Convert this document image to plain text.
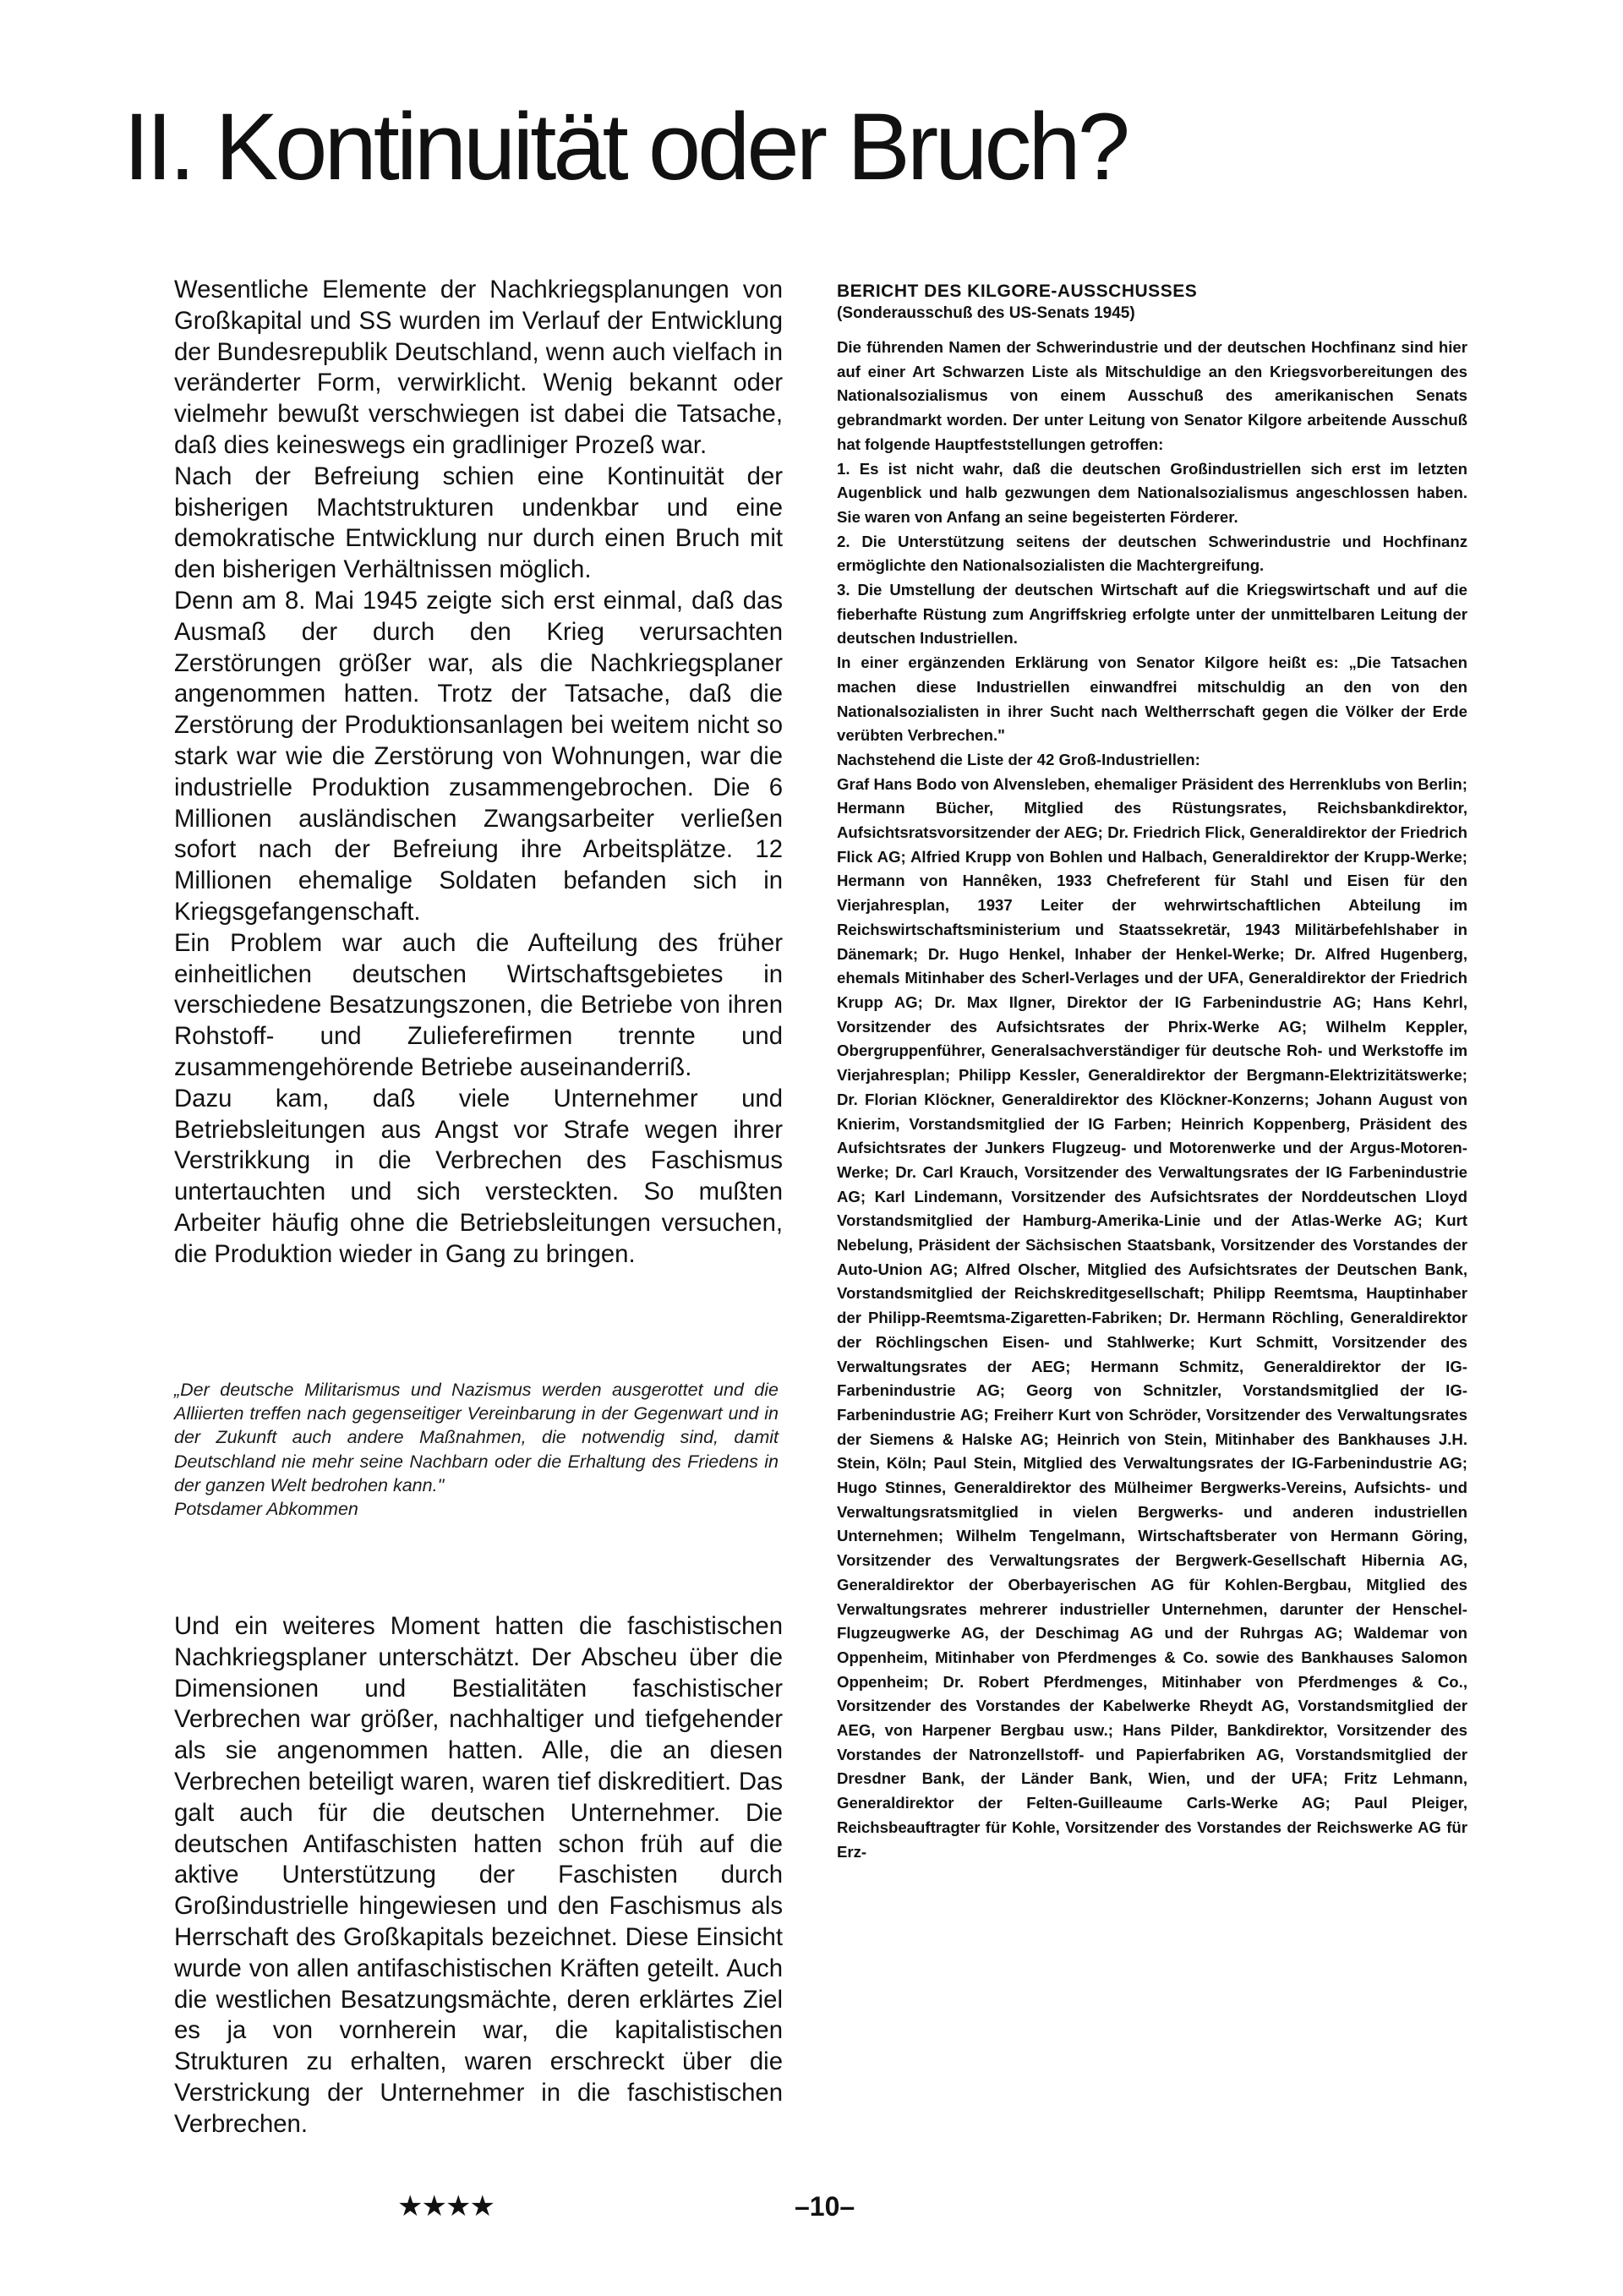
II. Kontinuität oder Bruch?

Wesentliche Elemente der Nachkriegsplanungen von Großkapital und SS wurden im Verlauf der Entwicklung der Bundesrepublik Deutschland, wenn auch vielfach in veränderter Form, verwirklicht. Wenig bekannt oder vielmehr bewußt verschwiegen ist dabei die Tatsache, daß dies keineswegs ein gradliniger Prozeß war.

Nach der Befreiung schien eine Kontinuität der bisherigen Machtstrukturen undenkbar und eine demokratische Entwicklung nur durch einen Bruch mit den bisherigen Verhältnissen möglich.

Denn am 8. Mai 1945 zeigte sich erst einmal, daß das Ausmaß der durch den Krieg verursachten Zerstörungen größer war, als die Nachkriegsplaner angenommen hatten. Trotz der Tatsache, daß die Zerstörung der Produktionsanlagen bei weitem nicht so stark war wie die Zerstörung von Wohnungen, war die industrielle Produktion zusammengebrochen. Die 6 Millionen ausländischen Zwangsarbeiter verließen sofort nach der Befreiung ihre Arbeitsplätze. 12 Millionen ehemalige Soldaten befanden sich in Kriegsgefangenschaft.

Ein Problem war auch die Aufteilung des früher einheitlichen deutschen Wirtschaftsgebietes in verschiedene Besatzungszonen, die Betriebe von ihren Rohstoff- und Zulieferefirmen trennte und zusammengehörende Betriebe auseinanderriß.

Dazu kam, daß viele Unternehmer und Betriebsleitungen aus Angst vor Strafe wegen ihrer Verstrikkung in die Verbrechen des Faschismus untertauchten und sich versteckten. So mußten Arbeiter häufig ohne die Betriebsleitungen versuchen, die Produktion wieder in Gang zu bringen.

„Der deutsche Militarismus und Nazismus werden ausgerottet und die Alliierten treffen nach gegenseitiger Vereinbarung in der Gegenwart und in der Zukunft auch andere Maßnahmen, die notwendig sind, damit Deutschland nie mehr seine Nachbarn oder die Erhaltung des Friedens in der ganzen Welt bedrohen kann."

Potsdamer Abkommen

Und ein weiteres Moment hatten die faschistischen Nachkriegsplaner unterschätzt. Der Abscheu über die Dimensionen und Bestialitäten faschistischer Verbrechen war größer, nachhaltiger und tiefgehender als sie angenommen hatten. Alle, die an diesen Verbrechen beteiligt waren, waren tief diskreditiert. Das galt auch für die deutschen Unternehmer. Die deutschen Antifaschisten hatten schon früh auf die aktive Unterstützung der Faschisten durch Großindustrielle hingewiesen und den Faschismus als Herrschaft des Großkapitals bezeichnet. Diese Einsicht wurde von allen antifaschistischen Kräften geteilt. Auch die westlichen Besatzungsmächte, deren erklärtes Ziel es ja von vornherein war, die kapitalistischen Strukturen zu erhalten, waren erschreckt über die Verstrickung der Unternehmer in die faschistischen Verbrechen.

BERICHT DES KILGORE-AUSSCHUSSES

(Sonderausschuß des US-Senats 1945)

Die führenden Namen der Schwerindustrie und der deutschen Hochfinanz sind hier auf einer Art Schwarzen Liste als Mitschuldige an den Kriegsvorbereitungen des Nationalsozialismus von einem Ausschuß des amerikanischen Senats gebrandmarkt worden. Der unter Leitung von Senator Kilgore arbeitende Ausschuß hat folgende Hauptfeststellungen getroffen:

1. Es ist nicht wahr, daß die deutschen Großindustriellen sich erst im letzten Augenblick und halb gezwungen dem Nationalsozialismus angeschlossen haben. Sie waren von Anfang an seine begeisterten Förderer.

2. Die Unterstützung seitens der deutschen Schwerindustrie und Hochfinanz ermöglichte den Nationalsozialisten die Machtergreifung.

3. Die Umstellung der deutschen Wirtschaft auf die Kriegswirtschaft und auf die fieberhafte Rüstung zum Angriffskrieg erfolgte unter der unmittelbaren Leitung der deutschen Industriellen.

In einer ergänzenden Erklärung von Senator Kilgore heißt es: „Die Tatsachen machen diese Industriellen einwandfrei mitschuldig an den von den Nationalsozialisten in ihrer Sucht nach Weltherrschaft gegen die Völker der Erde verübten Verbrechen."

Nachstehend die Liste der 42 Groß-Industriellen:

Graf Hans Bodo von Alvensleben, ehemaliger Präsident des Herrenklubs von Berlin; Hermann Bücher, Mitglied des Rüstungsrates, Reichsbankdirektor, Aufsichtsratsvorsitzender der AEG; Dr. Friedrich Flick, Generaldirektor der Friedrich Flick AG; Alfried Krupp von Bohlen und Halbach, Generaldirektor der Krupp-Werke; Hermann von Hannêken, 1933 Chefreferent für Stahl und Eisen für den Vierjahresplan, 1937 Leiter der wehrwirtschaftlichen Abteilung im Reichswirtschaftsministerium und Staatssekretär, 1943 Militärbefehlshaber in Dänemark; Dr. Hugo Henkel, Inhaber der Henkel-Werke; Dr. Alfred Hugenberg, ehemals Mitinhaber des Scherl-Verlages und der UFA, Generaldirektor der Friedrich Krupp AG; Dr. Max Ilgner, Direktor der IG Farbenindustrie AG; Hans Kehrl, Vorsitzender des Aufsichtsrates der Phrix-Werke AG; Wilhelm Keppler, Obergruppenführer, Generalsachverständiger für deutsche Roh- und Werkstoffe im Vierjahresplan; Philipp Kessler, Generaldirektor der Bergmann-Elektrizitätswerke; Dr. Florian Klöckner, Generaldirektor des Klöckner-Konzerns; Johann August von Knierim, Vorstandsmitglied der IG Farben; Heinrich Koppenberg, Präsident des Aufsichtsrates der Junkers Flugzeug- und Motorenwerke und der Argus-Motoren-Werke; Dr. Carl Krauch, Vorsitzender des Verwaltungsrates der IG Farbenindustrie AG; Karl Lindemann, Vorsitzender des Aufsichtsrates der Norddeutschen Lloyd Vorstandsmitglied der Hamburg-Amerika-Linie und der Atlas-Werke AG; Kurt Nebelung, Präsident der Sächsischen Staatsbank, Vorsitzender des Vorstandes der Auto-Union AG; Alfred Olscher, Mitglied des Aufsichtsrates der Deutschen Bank, Vorstandsmitglied der Reichskreditgesellschaft; Philipp Reemtsma, Hauptinhaber der Philipp-Reemtsma-Zigaretten-Fabriken; Dr. Hermann Röchling, Generaldirektor der Röchlingschen Eisen- und Stahlwerke; Kurt Schmitt, Vorsitzender des Verwaltungsrates der AEG; Hermann Schmitz, Generaldirektor der IG-Farbenindustrie AG; Georg von Schnitzler, Vorstandsmitglied der IG-Farbenindustrie AG; Freiherr Kurt von Schröder, Vorsitzender des Verwaltungsrates der Siemens & Halske AG; Heinrich von Stein, Mitinhaber des Bankhauses J.H. Stein, Köln; Paul Stein, Mitglied des Verwaltungsrates der IG-Farbenindustrie AG; Hugo Stinnes, Generaldirektor des Mülheimer Bergwerks-Vereins, Aufsichts- und Verwaltungsratsmitglied in vielen Bergwerks- und anderen industriellen Unternehmen; Wilhelm Tengelmann, Wirtschaftsberater von Hermann Göring, Vorsitzender des Verwaltungsrates der Bergwerk-Gesellschaft Hibernia AG, Generaldirektor der Oberbayerischen AG für Kohlen-Bergbau, Mitglied des Verwaltungsrates mehrerer industrieller Unternehmen, darunter der Henschel-Flugzeugwerke AG, der Deschimag AG und der Ruhrgas AG; Waldemar von Oppenheim, Mitinhaber von Pferdmenges & Co. sowie des Bankhauses Salomon Oppenheim; Dr. Robert Pferdmenges, Mitinhaber von Pferdmenges & Co., Vorsitzender des Vorstandes der Kabelwerke Rheydt AG, Vorstandsmitglied der AEG, von Harpener Bergbau usw.; Hans Pilder, Bankdirektor, Vorsitzender des Vorstandes der Natronzellstoff- und Papierfabriken AG, Vorstandsmitglied der Dresdner Bank, der Länder Bank, Wien, und der UFA; Fritz Lehmann, Generaldirektor der Felten-Guilleaume Carls-Werke AG; Paul Pleiger, Reichsbeauftragter für Kohle, Vorsitzender des Vorstandes der Reichswerke AG für Erz-

★★★★	–10–
